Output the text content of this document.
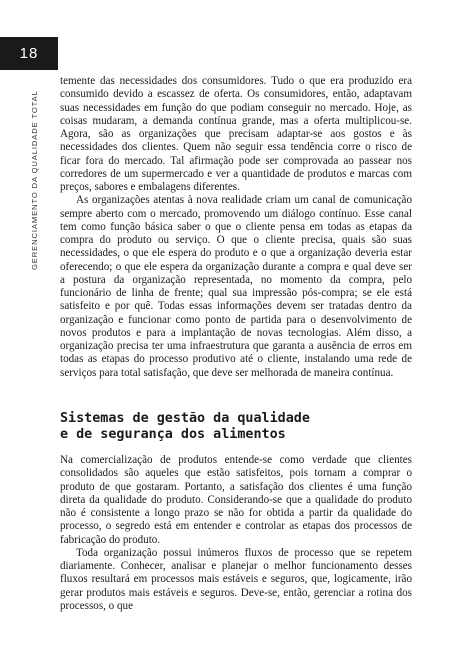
18
GERENCIAMENTO DA QUALIDADE TOTAL

temente das necessidades dos consumidores. Tudo o que era produzido era consumido devido a escassez de oferta. Os consumidores, então, adaptavam suas necessidades em função do que podiam conseguir no mercado. Hoje, as coisas mudaram, a demanda contínua grande, mas a oferta multiplicou-se. Agora, são as organizações que precisam adaptar-se aos gostos e às necessidades dos clientes. Quem não seguir essa tendência corre o risco de ficar fora do mercado. Tal afirmação pode ser comprovada ao passear nos corredores de um supermercado e ver a quantidade de produtos e marcas com preços, sabores e embalagens diferentes.

As organizações atentas à nova realidade criam um canal de comunicação sempre aberto com o mercado, promovendo um diálogo contínuo. Esse canal tem como função básica saber o que o cliente pensa em todas as etapas da compra do produto ou serviço. O que o cliente precisa, quais são suas necessidades, o que ele espera do produto e o que a organização deveria estar oferecendo; o que ele espera da organização durante a compra e qual deve ser a postura da organização representada, no momento da compra, pelo funcionário de linha de frente; qual sua impressão pós-compra; se ele está satisfeito e por quê. Todas essas informações devem ser tratadas dentro da organização e funcionar como ponto de partida para o desenvolvimento de novos produtos e para a implantação de novas tecnologias. Além disso, a organização precisa ter uma infraestrutura que garanta a ausência de erros em todas as etapas do processo produtivo até o cliente, instalando uma rede de serviços para total satisfação, que deve ser melhorada de maneira contínua.

Sistemas de gestão da qualidade
e de segurança dos alimentos

Na comercialização de produtos entende-se como verdade que clientes consolidados são aqueles que estão satisfeitos, pois tornam a comprar o produto de que gostaram. Portanto, a satisfação dos clientes é uma função direta da qualidade do produto. Considerando-se que a qualidade do produto não é consistente a longo prazo se não for obtida a partir da qualidade do processo, o segredo está em entender e controlar as etapas dos processos de fabricação do produto.

Toda organização possui inúmeros fluxos de processo que se repetem diariamente. Conhecer, analisar e planejar o melhor funcionamento desses fluxos resultará em processos mais estáveis e seguros, que, logicamente, irão gerar produtos mais estáveis e seguros. Deve-se, então, gerenciar a rotina dos processos, o que
